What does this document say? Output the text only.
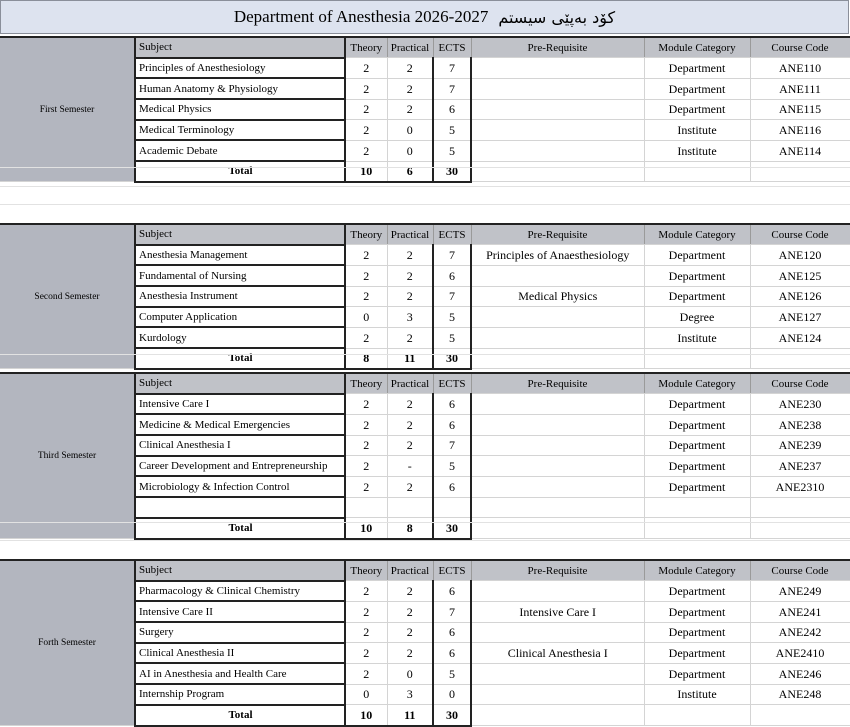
Department of Anesthesia 2026-2027 کۆد بەپێی سیستم
First Semester	Subject	Theory	Practical	ECTS	Pre-Requisite	Module Category	Course Code
	Principles of Anesthesiology	2	2	7		Department	ANE110
	Human Anatomy & Physiology	2	2	7		Department	ANE111
	Medical Physics	2	2	6		Department	ANE115
	Medical Terminology	2	0	5		Institute	ANE116
	Academic Debate	2	0	5		Institute	ANE114
	Total	10	6	30			
Second Semester	Subject	Theory	Practical	ECTS	Pre-Requisite	Module Category	Course Code
	Anesthesia Management	2	2	7	Principles of Anaesthesiology	Department	ANE120
	Fundamental of Nursing	2	2	6		Department	ANE125
	Anesthesia Instrument	2	2	7	Medical Physics	Department	ANE126
	Computer Application	0	3	5		Degree	ANE127
	Kurdology	2	2	5		Institute	ANE124
	Total	8	11	30			
Third Semester	Subject	Theory	Practical	ECTS	Pre-Requisite	Module Category	Course Code
	Intensive Care I	2	2	6		Department	ANE230
	Medicine & Medical Emergencies	2	2	6		Department	ANE238
	Clinical Anesthesia I	2	2	7		Department	ANE239
	Career Development and Entrepreneurship	2	-	5		Department	ANE237
	Microbiology & Infection Control	2	2	6		Department	ANE2310

	Total	10	8	30			
Forth Semester	Subject	Theory	Practical	ECTS	Pre-Requisite	Module Category	Course Code
	Pharmacology & Clinical Chemistry	2	2	6		Department	ANE249
	Intensive Care II	2	2	7	Intensive Care I	Department	ANE241
	Surgery	2	2	6		Department	ANE242
	Clinical Anesthesia II	2	2	6	Clinical Anesthesia I	Department	ANE2410
	AI in Anesthesia and Health Care	2	0	5		Department	ANE246
	Internship Program	0	3	0		Institute	ANE248
	Total	10	11	30			
